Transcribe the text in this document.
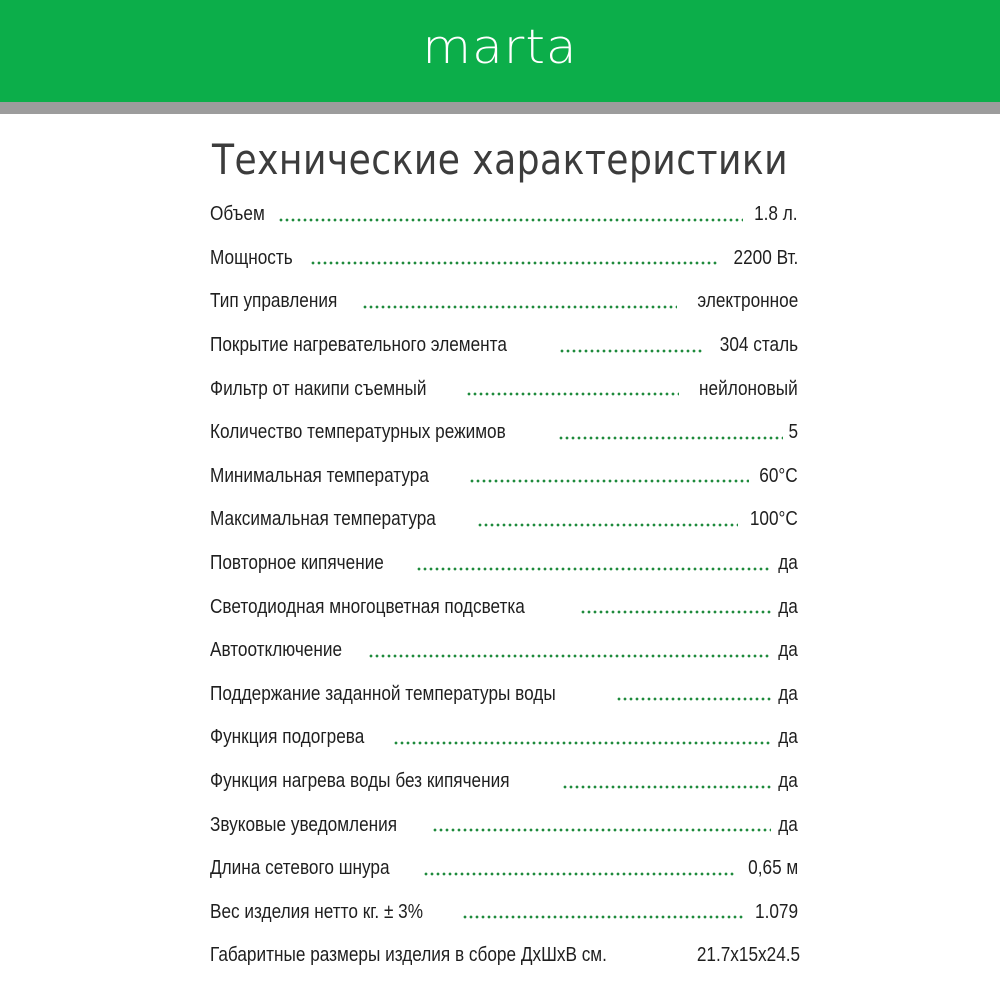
marta
Технические характеристики
Объем	1.8 л.
Мощность	2200 Вт.
Тип управления	электронное
Покрытие нагревательного элемента	304 сталь
Фильтр от накипи съемный	нейлоновый
Количество температурных режимов	5
Минимальная температура	60°С
Максимальная температура	100°С
Повторное кипячение	да
Светодиодная многоцветная подсветка	да
Автоотключение	да
Поддержание заданной температуры воды	да
Функция подогрева	да
Функция нагрева воды без кипячения	да
Звуковые уведомления	да
Длина сетевого шнура	0,65 м
Вес изделия нетто кг. ± 3%	1.079
Габаритные размеры изделия в сборе ДхШхВ см.	21.7х15х24.5
